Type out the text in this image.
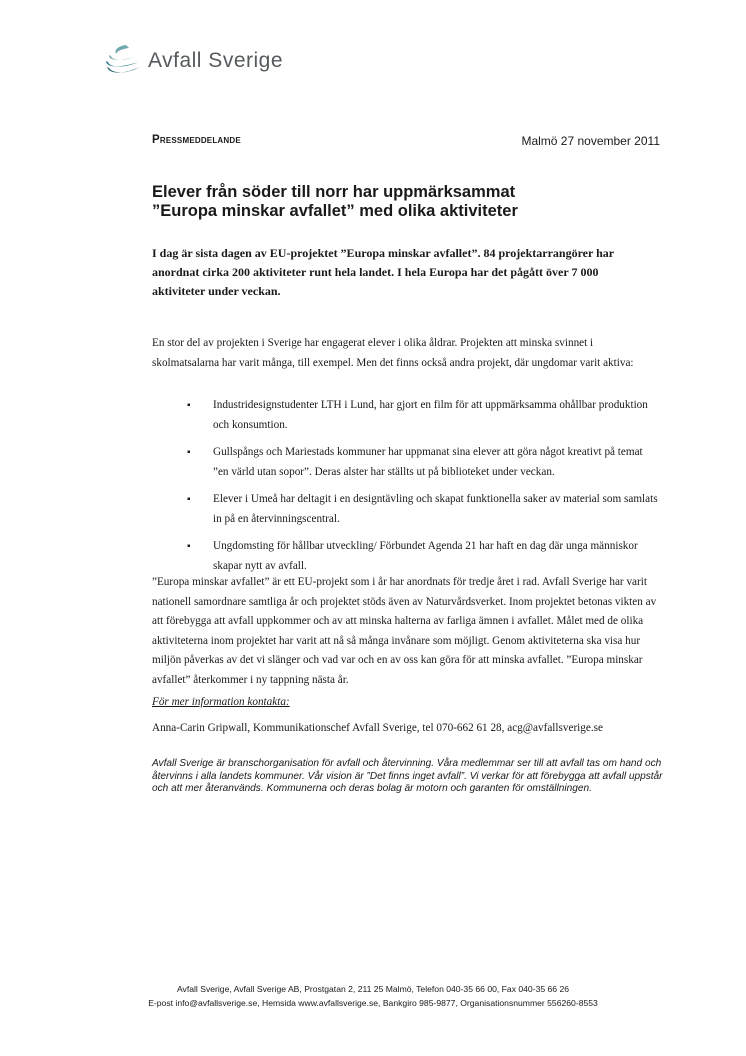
Avfall Sverige
Pressmeddelande	Malmö 27 november 2011
Elever från söder till norr har uppmärksammat
”Europa minskar avfallet” med olika aktiviteter

I dag är sista dagen av EU-projektet ”Europa minskar avfallet”. 84 projektarrangörer har anordnat cirka 200 aktiviteter runt hela landet. I hela Europa har det pågått över 7 000 aktiviteter under veckan.

En stor del av projekten i Sverige har engagerat elever i olika åldrar. Projekten att minska svinnet i skolmatsalarna har varit många, till exempel. Men det finns också andra projekt, där ungdomar varit aktiva:

▪ Industridesignstudenter LTH i Lund, har gjort en film för att uppmärksamma ohållbar produktion och konsumtion.
▪ Gullspångs och Mariestads kommuner har uppmanat sina elever att göra något kreativt på temat ”en värld utan sopor”. Deras alster har ställts ut på biblioteket under veckan.
▪ Elever i Umeå har deltagit i en designtävling och skapat funktionella saker av material som samlats in på en återvinningscentral.
▪ Ungdomsting för hållbar utveckling/ Förbundet Agenda 21 har haft en dag där unga människor skapar nytt av avfall.

”Europa minskar avfallet” är ett EU-projekt som i år har anordnats för tredje året i rad. Avfall Sverige har varit nationell samordnare samtliga år och projektet stöds även av Naturvårdsverket. Inom projektet betonas vikten av att förebygga att avfall uppkommer och av att minska halterna av farliga ämnen i avfallet. Målet med de olika aktiviteterna inom projektet har varit att nå så många invånare som möjligt. Genom aktiviteterna ska visa hur miljön påverkas av det vi slänger och vad var och en av oss kan göra för att minska avfallet. ”Europa minskar avfallet” återkommer i ny tappning nästa år.

För mer information kontakta:

Anna-Carin Gripwall, Kommunikationschef Avfall Sverige, tel 070-662 61 28, acg@avfallsverige.se

Avfall Sverige är branschorganisation för avfall och återvinning. Våra medlemmar ser till att avfall tas om hand och återvinns i alla landets kommuner. Vår vision är ”Det finns inget avfall”. Vi verkar för att förebygga att avfall uppstår och att mer återanvänds. Kommunerna och deras bolag är motorn och garanten för omställningen.

Avfall Sverige, Avfall Sverige AB, Prostgatan 2, 211 25 Malmö, Telefon 040-35 66 00, Fax 040-35 66 26
E-post info@avfallsverige.se, Hemsida www.avfallsverige.se, Bankgiro 985-9877, Organisationsnummer 556260-8553
